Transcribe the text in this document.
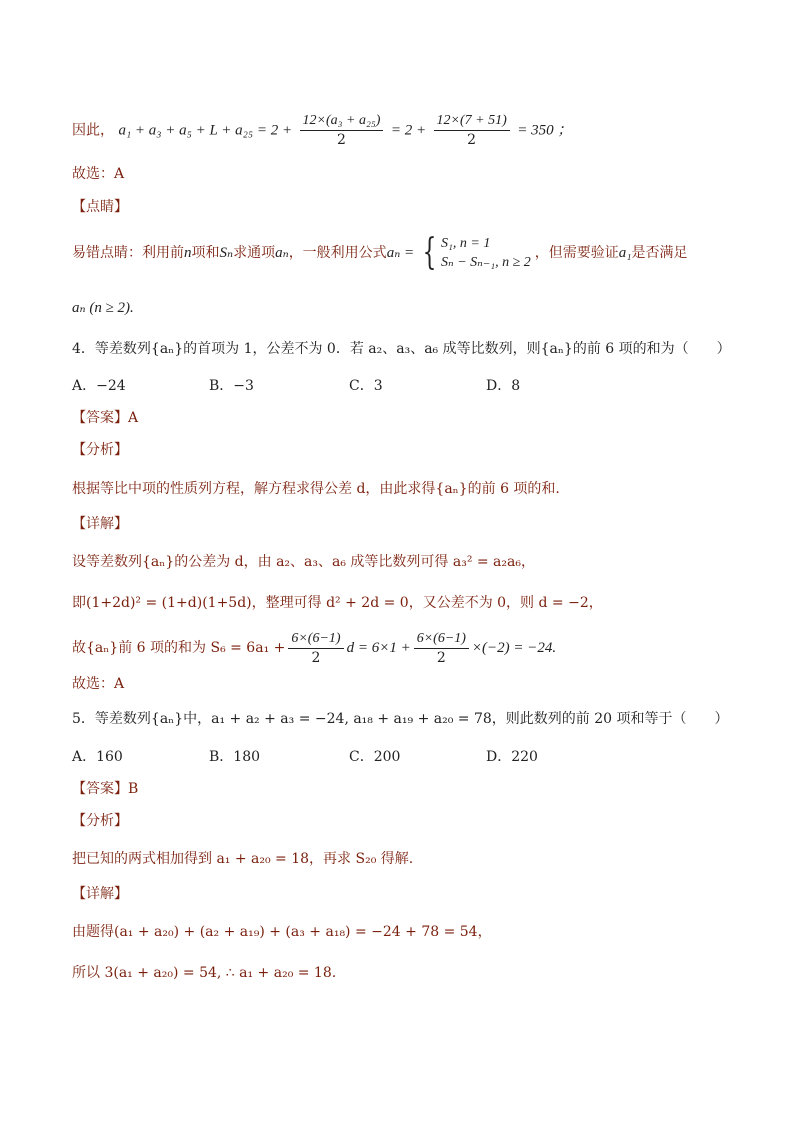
因此， $a_1 + a_3 + a_5 + L + a_{25} = 2 + \frac{\text{12×(a₃ + a₂₅)}}{2} = 2 + \frac{12\times(7 + 51)}{2} = 350$ ；
故选：A
【点睛】
易错点睛：利用前 n 项和 Sₙ 求通项 aₙ ，一般利用公式 aₙ = { S₁, n = 1
Sₙ − Sₙ₋₁, n ≥ 2
，但需要验证 a₁ 是否满足
aₙ (n ≥ 2).
4．等差数列{aₙ}的首项为 1，公差不为 0．若 a₂、a₃、a₆ 成等比数列，则{aₙ}的前 6 项的和为（　　）
A．−24	B．−3	C．3	D．8
【答案】A
【分析】
根据等比中项的性质列方程，解方程求得公差 d，由此求得{aₙ}的前 6 项的和.
【详解】
设等差数列{aₙ}的公差为 d，由 a₂、a₃、a₆ 成等比数列可得 a₃² = a₂a₆，
即(1+2d)² = (1+d)(1+5d)，整理可得 d² + 2d = 0，又公差不为 0，则 d = −2，
故{aₙ}前 6 项的和为 $S_6 = 6a_1 + \frac{6\times(6-1)}{2}$ $d = 6\times 1 + \frac{6\times(6-1)}{2} \times(-2) = -24$.
故选：A
5．等差数列{aₙ}中，a₁ + a₂ + a₃ = −24, a₁₈ + a₁₉ + a₂₀ = 78，则此数列的前 20 项和等于（　　）
A．160	B．180	C．200	D．220
【答案】B
【分析】
把已知的两式相加得到 a₁ + a₂₀ = 18，再求 S₂₀ 得解.
【详解】
由题得(a₁ + a₂₀) + (a₂ + a₁₉) + (a₃ + a₁₈) = −24 + 78 = 54，
所以 3(a₁ + a₂₀) = 54, ∴ a₁ + a₂₀ = 18.
